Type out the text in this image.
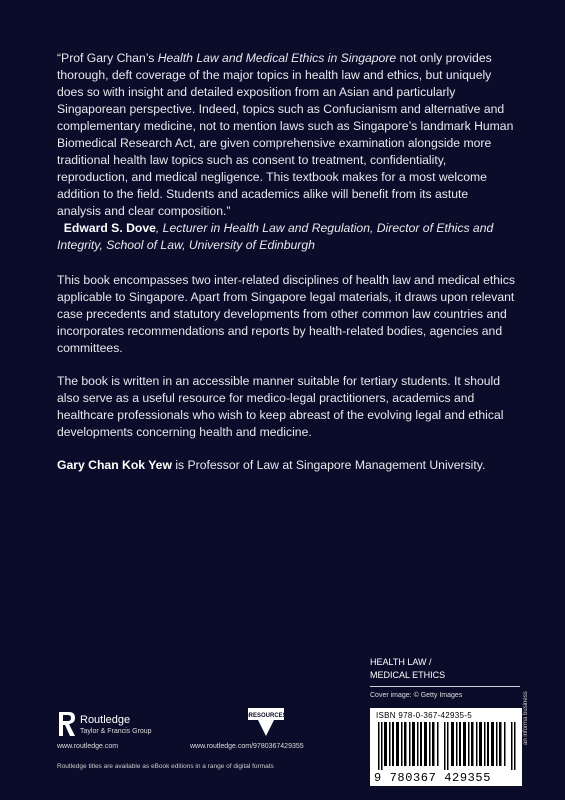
“Prof Gary Chan’s Health Law and Medical Ethics in Singapore not only provides thorough, deft coverage of the major topics in health law and ethics, but uniquely does so with insight and detailed exposition from an Asian and particularly Singaporean perspective. Indeed, topics such as Confucianism and alternative and complementary medicine, not to mention laws such as Singapore’s landmark Human Biomedical Research Act, are given comprehensive examination alongside more traditional health law topics such as consent to treatment, confidentiality, reproduction, and medical negligence. This textbook makes for a most welcome addition to the field. Students and academics alike will benefit from its astute analysis and clear composition.”
Edward S. Dove, Lecturer in Health Law and Regulation, Director of Ethics and Integrity, School of Law, University of Edinburgh

This book encompasses two inter-related disciplines of health law and medical ethics applicable to Singapore. Apart from Singapore legal materials, it draws upon relevant case precedents and statutory developments from other common law countries and incorporates recommendations and reports by health-related bodies, agencies and committees.

The book is written in an accessible manner suitable for tertiary students. It should also serve as a useful resource for medico-legal practitioners, academics and healthcare professionals who wish to keep abreast of the evolving legal and ethical developments concerning health and medicine.

Gary Chan Kok Yew is Professor of Law at Singapore Management University.

HEALTH LAW /
MEDICAL ETHICS
Cover image: © Getty Images
ISBN 978-0-367-42935-5
9 780367 429355
an informa business
Routledge
Taylor & Francis Group
www.routledge.com
eRESOURCES
www.routledge.com/9780367429355
Routledge titles are available as eBook editions in a range of digital formats
